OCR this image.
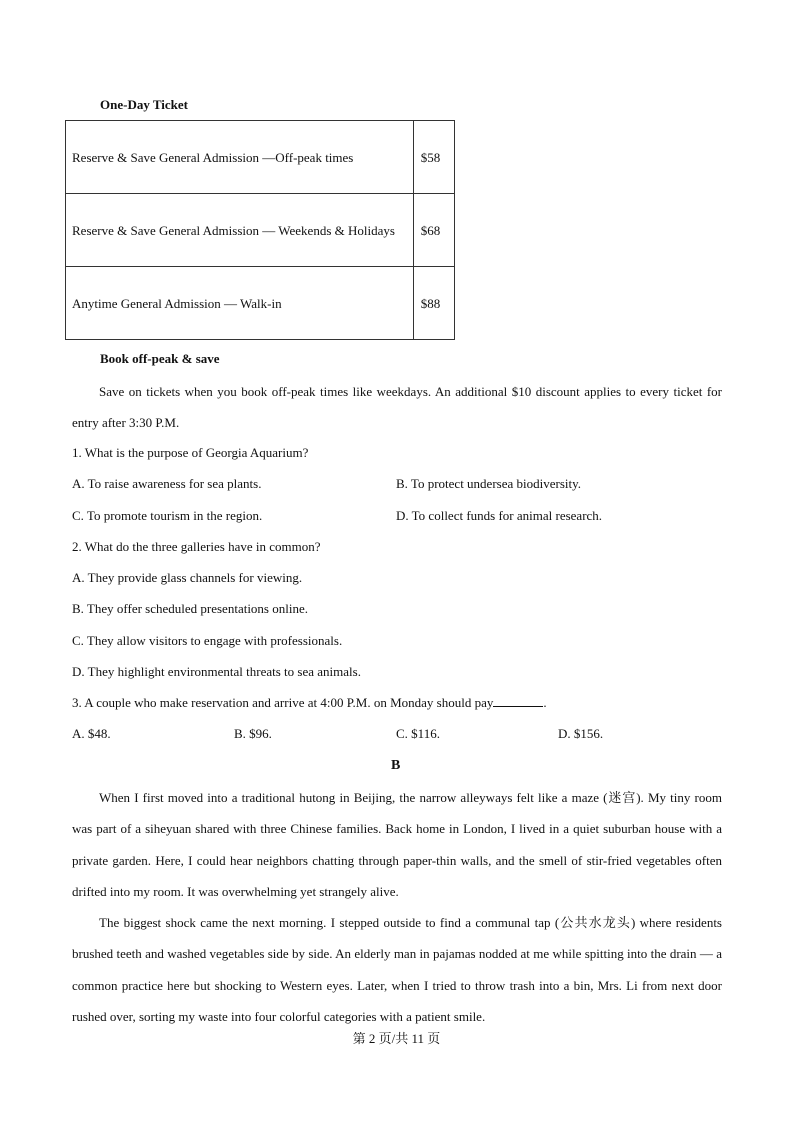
One-Day Ticket
Reserve & Save General Admission —Off-peak times	$58
Reserve & Save General Admission — Weekends & Holidays	$68
Anytime General Admission — Walk-in	$88
Book off-peak & save
Save on tickets when you book off-peak times like weekdays. An additional $10 discount applies to every ticket for entry after 3:30 P.M.
1. What is the purpose of Georgia Aquarium?
A. To raise awareness for sea plants.	B. To protect undersea biodiversity.
C. To promote tourism in the region.	D. To collect funds for animal research.
2. What do the three galleries have in common?
A. They provide glass channels for viewing.
B. They offer scheduled presentations online.
C. They allow visitors to engage with professionals.
D. They highlight environmental threats to sea animals.
3. A couple who make reservation and arrive at 4:00 P.M. on Monday should pay	.
A. $48.	B. $96.	C. $116.	D. $156.
B
When I first moved into a traditional hutong in Beijing, the narrow alleyways felt like a maze (迷宫). My tiny room was part of a siheyuan shared with three Chinese families. Back home in London, I lived in a quiet suburban house with a private garden. Here, I could hear neighbors chatting through paper-thin walls, and the smell of stir-fried vegetables often drifted into my room. It was overwhelming yet strangely alive.
The biggest shock came the next morning. I stepped outside to find a communal tap (公共水龙头) where residents brushed teeth and washed vegetables side by side. An elderly man in pajamas nodded at me while spitting into the drain — a common practice here but shocking to Western eyes. Later, when I tried to throw trash into a bin, Mrs. Li from next door rushed over, sorting my waste into four colorful categories with a patient smile.
第 2 页/共 11 页
